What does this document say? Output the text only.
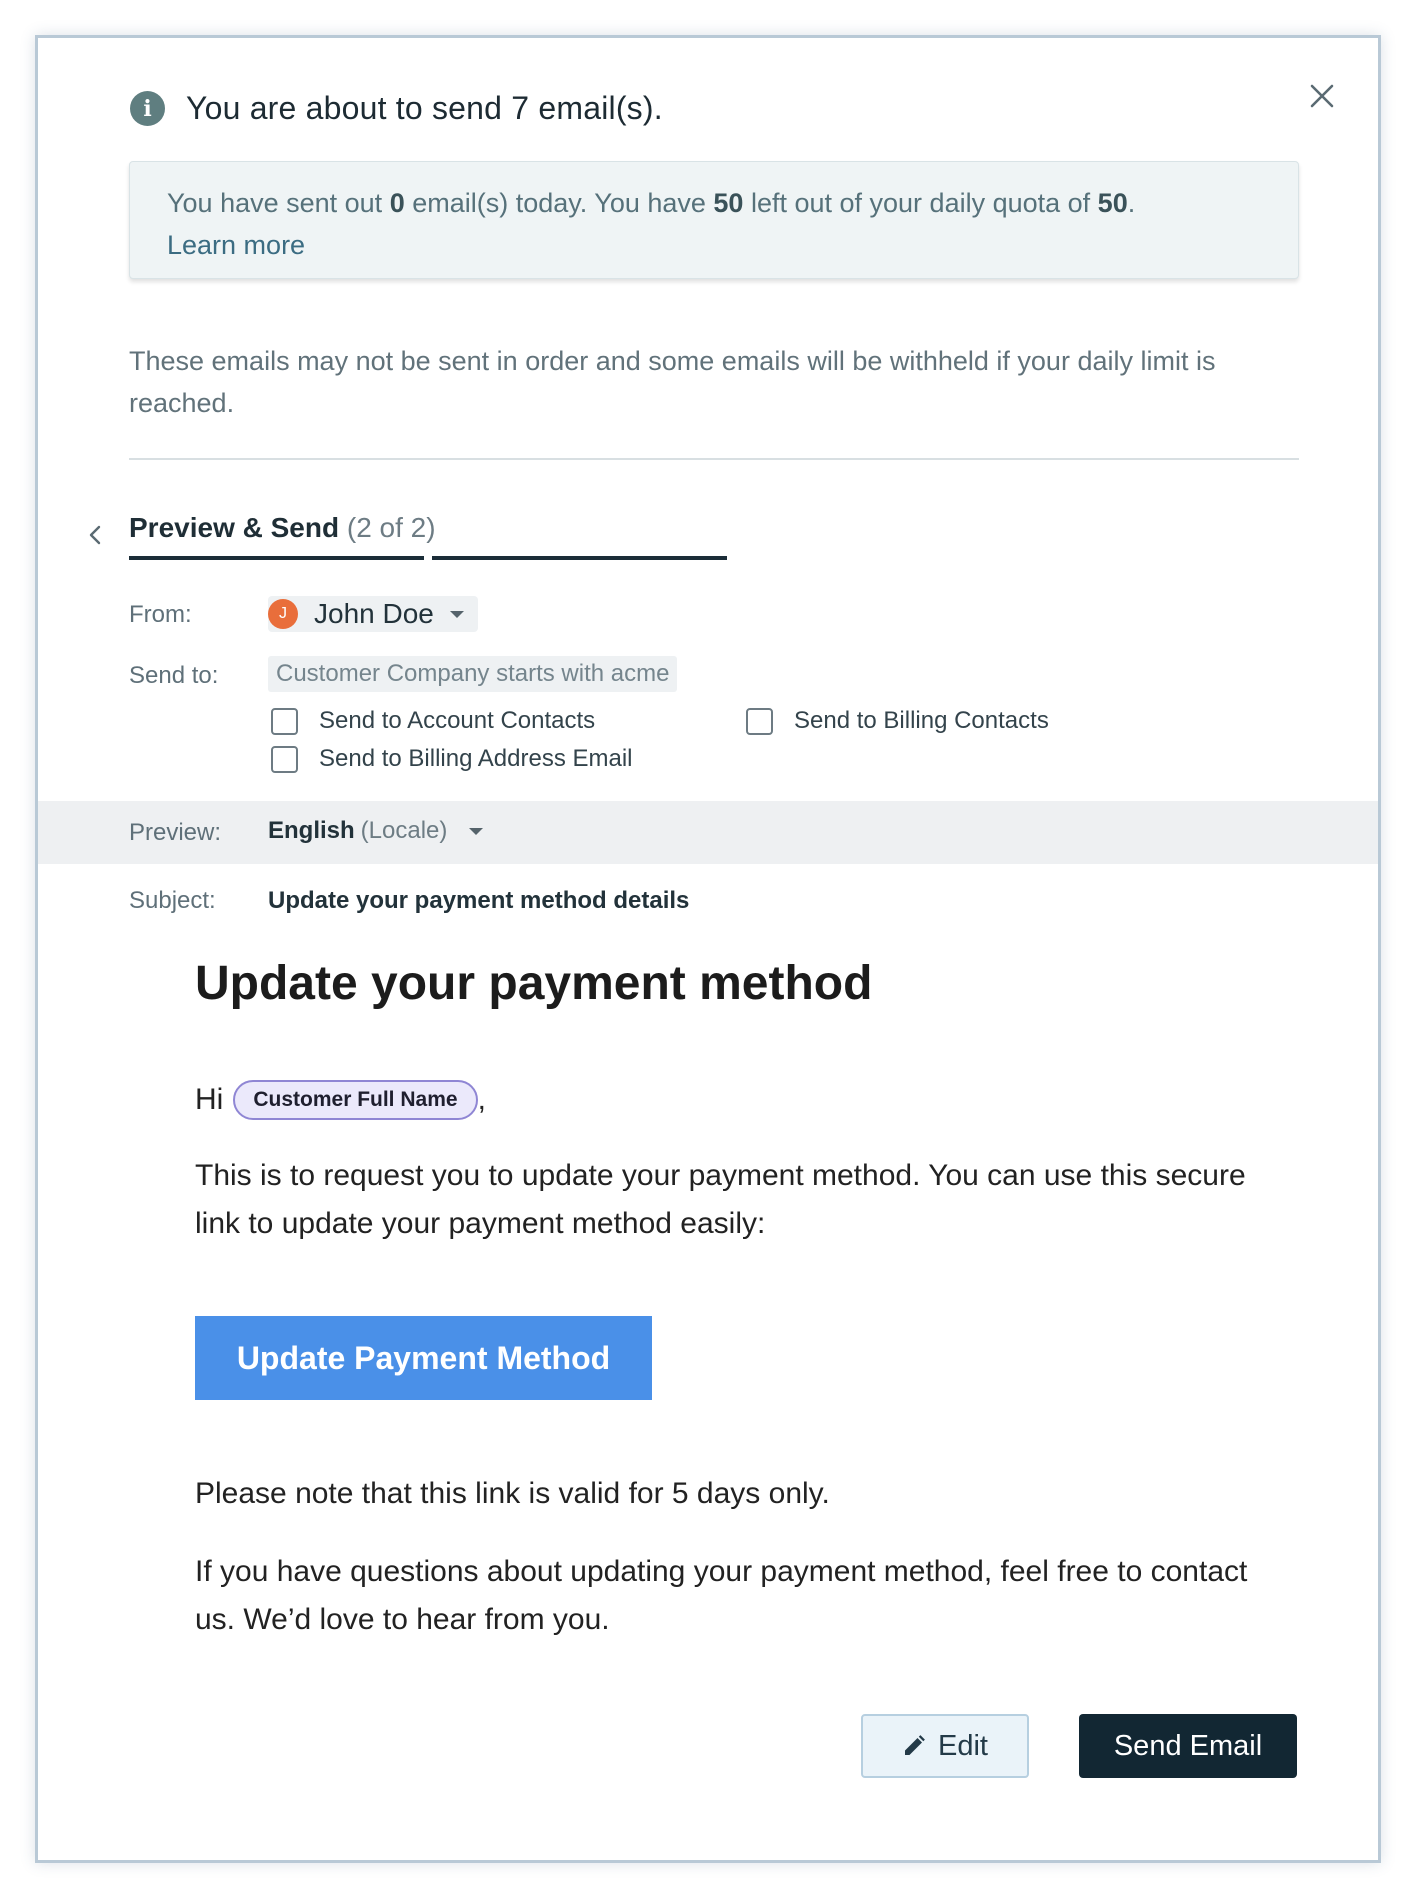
i	You are about to send 7 email(s).
You have sent out 0 email(s) today. You have 50 left out of your daily quota of 50.
Learn more

These emails may not be sent in order and some emails will be withheld if your daily limit is reached.

Preview & Send (2 of 2)
From:	J John Doe
Send to:	Customer Company starts with acme
Send to Account Contacts	Send to Billing Contacts
Send to Billing Address Email
Preview: English (Locale)
Subject: Update your payment method details
Update your payment method
Hi	Customer Full Name ,

This is to request you to update your payment method. You can use this secure link to update your payment method easily:

Update Payment Method

Please note that this link is valid for 5 days only.

If you have questions about updating your payment method, feel free to contact us. We’d love to hear from you.

Edit	Send Email
